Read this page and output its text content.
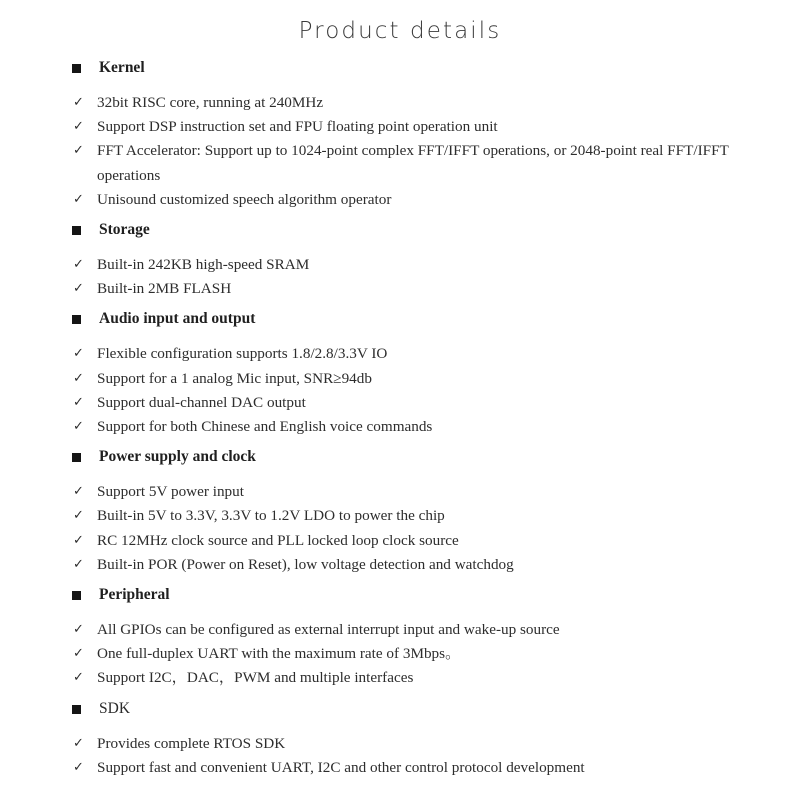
Product details
Kernel
✓ 32bit RISC core, running at 240MHz
✓ Support DSP instruction set and FPU floating point operation unit
✓ FFT Accelerator: Support up to 1024-point complex FFT/IFFT operations, or 2048-point real FFT/IFFT operations
✓ Unisound customized speech algorithm operator
Storage
✓ Built-in 242KB high-speed SRAM
✓ Built-in 2MB FLASH
Audio input and output
✓ Flexible configuration supports 1.8/2.8/3.3V IO
✓ Support for a 1 analog Mic input, SNR≥94db
✓ Support dual-channel DAC output
✓ Support for both Chinese and English voice commands
Power supply and clock
✓ Support 5V power input
✓ Built-in 5V to 3.3V, 3.3V to 1.2V LDO to power the chip
✓ RC 12MHz clock source and PLL locked loop clock source
✓ Built-in POR (Power on Reset), low voltage detection and watchdog
Peripheral
✓ All GPIOs can be configured as external interrupt input and wake-up source
✓ One full-duplex UART with the maximum rate of 3Mbps。
✓ Support I2C，DAC，PWM and multiple interfaces
SDK
✓ Provides complete RTOS SDK
✓ Support fast and convenient UART, I2C and other control protocol development
